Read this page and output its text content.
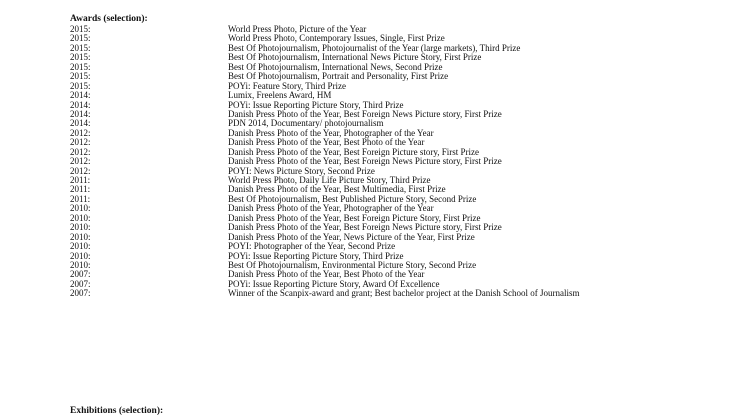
Awards (selection):
2015:	World Press Photo, Picture of the Year
2015:	World Press Photo, Contemporary Issues, Single, First Prize
2015:	Best Of Photojournalism, Photojournalist of the Year (large markets), Third Prize
2015:	Best Of Photojournalism, International News Picture Story, First Prize
2015:	Best Of Photojournalism, International News, Second Prize
2015:	Best Of Photojournalism, Portrait and Personality, First Prize
2015:	POYi: Feature Story, Third Prize
2014:	Lumix, Freelens Award, HM
2014:	POYi: Issue Reporting Picture Story, Third Prize
2014:	Danish Press Photo of the Year, Best Foreign News Picture story, First Prize
2014:	PDN 2014, Documentary/ photojournalism
2012:	Danish Press Photo of the Year, Photographer of the Year
2012:	Danish Press Photo of the Year, Best Photo of the Year
2012:	Danish Press Photo of the Year, Best Foreign Picture story, First Prize
2012:	Danish Press Photo of the Year, Best Foreign News Picture story, First Prize
2012:	POYI: News Picture Story, Second Prize
2011:	World Press Photo, Daily Life Picture Story, Third Prize
2011:	Danish Press Photo of the Year, Best Multimedia, First Prize
2011:	Best Of Photojournalism, Best Published Picture Story, Second Prize
2010:	Danish Press Photo of the Year, Photographer of the Year
2010:	Danish Press Photo of the Year, Best Foreign Picture Story, First Prize
2010:	Danish Press Photo of the Year, Best Foreign News Picture story, First Prize
2010:	Danish Press Photo of the Year, News Picture of the Year, First Prize
2010:	POYI: Photographer of the Year, Second Prize
2010:	POYi: Issue Reporting Picture Story, Third Prize
2010:	Best Of Photojournalism, Environmental Picture Story, Second Prize
2007:	Danish Press Photo of the Year, Best Photo of the Year
2007:	POYi: Issue Reporting Picture Story, Award Of Excellence
2007:	Winner of the Scanpix-award and grant; Best bachelor project at the Danish School of Journalism
Exhibitions (selection):
